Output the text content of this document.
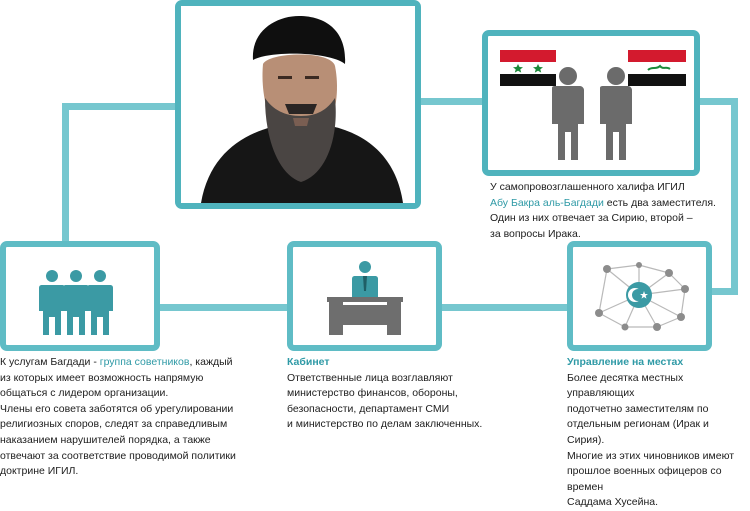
У самопровозглашенного халифа ИГИЛ
Абу Бакра аль-Багдади есть два заместителя.
Один из них отвечает за Сирию, второй –
за вопросы Ирака.
К услугам Багдади - группа советников, каждый
из которых имеет возможность напрямую
общаться с лидером организации.
Члены его совета заботятся об урегулировании
религиозных споров, следят за справедливым
наказанием нарушителей порядка, а также
отвечают за соответствие проводимой политики
доктрине ИГИЛ.
Кабинет
Ответственные лица возглавляют
министерство финансов, обороны,
безопасности, департамент СМИ
и министерство по делам заключенных.
Управление на местах
Более десятка местных управляющих
подотчетно заместителям по
отдельным регионам (Ирак и Сирия).
Многие из этих чиновников имеют
прошлое военных офицеров со времен
Саддама Хусейна.
